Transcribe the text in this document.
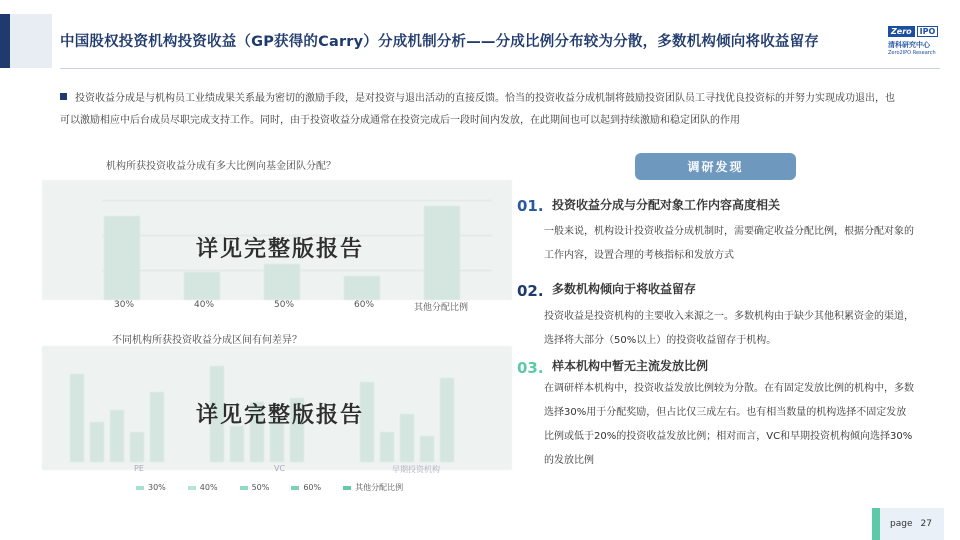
中国股权投资机构投资收益（GP获得的Carry）分成机制分析——分成比例分布较为分散，多数机构倾向将收益留存
Zero	IPO
清科研究中心
Zero2IPO Research
投资收益分成是与机构员工业绩成果关系最为密切的激励手段，是对投资与退出活动的直接反馈。恰当的投资收益分成机制将鼓励投资团队员工寻找优良投资标的并努力实现成功退出，也可以激励相应中后台成员尽职完成支持工作。同时，由于投资收益分成通常在投资完成后一段时间内发放，在此期间也可以起到持续激励和稳定团队的作用
机构所获投资收益分成有多大比例向基金团队分配？
详见完整版报告
30%	40%	50%	60%	其他分配比例
不同机构所获投资收益分成区间有何差异？
详见完整版报告
PE	VC	早期投资机构
30%	40%	50%	60%	其他分配比例
调研发现
01. 投资收益分成与分配对象工作内容高度相关
一般来说，机构设计投资收益分成机制时，需要确定收益分配比例，根据分配对象的工作内容，设置合理的考核指标和发放方式
02. 多数机构倾向于将收益留存
投资收益是投资机构的主要收入来源之一。多数机构由于缺少其他积累资金的渠道，选择将大部分（50%以上）的投资收益留存于机构。
03. 样本机构中暂无主流发放比例
在调研样本机构中，投资收益发放比例较为分散。在有固定发放比例的机构中，多数选择30%用于分配奖励，但占比仅三成左右。也有相当数量的机构选择不固定发放比例或低于20%的投资收益发放比例；相对而言，VC和早期投资机构倾向选择30%的发放比例
page 27
